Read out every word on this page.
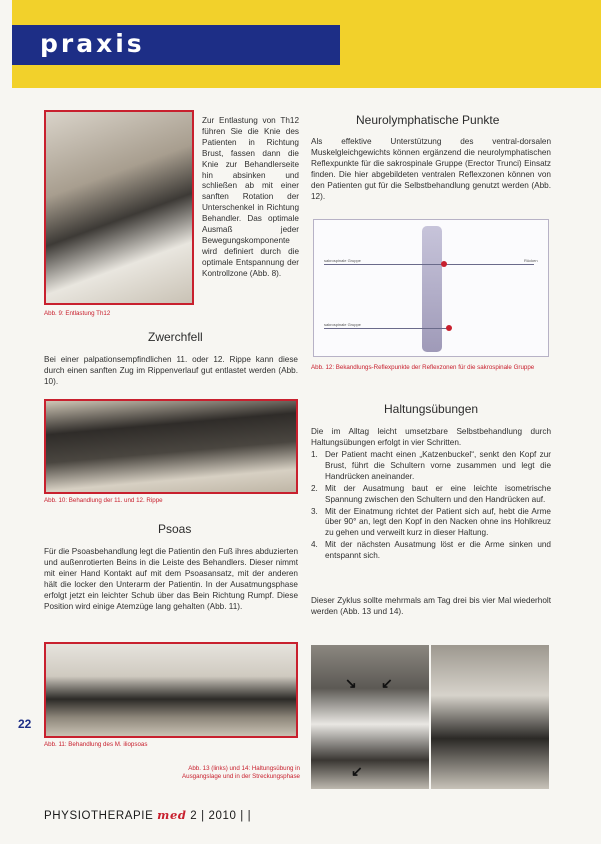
praxis
Zur Entlastung von Th12 führen Sie die Knie des Patienten in Richtung Brust, fassen dann die Knie zur Behandlerseite hin absinken und schließen ab mit einer sanften Rotation der Unterschenkel in Richtung Behandler. Das optimale Ausmaß jeder Bewegungskomponente wird definiert durch die optimale Entspannung der Kontrollzone (Abb. 8).
Abb. 9: Entlastung Th12
Zwerchfell
Bei einer palpationsempfindlichen 11. oder 12. Rippe kann diese durch einen sanften Zug im Rippenverlauf gut entlastet werden (Abb. 10).
Abb. 10: Behandlung der 11. und 12. Rippe
Psoas
Für die Psoasbehandlung legt die Patientin den Fuß ihres abduzierten und außenrotierten Beins in die Leiste des Behandlers. Dieser nimmt mit einer Hand Kontakt auf mit dem Psoasansatz, mit der anderen hält die locker den Unterarm der Patientin. In der Ausatmungsphase erfolgt jetzt ein leichter Schub über das Bein Richtung Rumpf. Diese Position wird einige Atemzüge lang gehalten (Abb. 11).
Abb. 11: Behandlung des M. iliopsoas
Abb. 13 (links) und 14: Haltungsübung in Ausgangslage und in der Streckungsphase
Neurolymphatische Punkte
Als effektive Unterstützung des ventral-dorsalen Muskelgleichgewichts können ergänzend die neurolymphatischen Reflexpunkte für die sakrospinale Gruppe (Erector Trunci) Einsatz finden. Die hier abgebildeten ventralen Reflexzonen können von den Patienten gut für die Selbstbehandlung genutzt werden (Abb. 12).
sakrospinale Gruppe	Rücken
sakrospinale Gruppe
Abb. 12: Bekandlungs-Reflexpunkte der Reflexzonen für die sakrospinale Gruppe
Haltungsübungen
Die im Alltag leicht umsetzbare Selbstbehandlung durch Haltungsübungen erfolgt in vier Schritten.
1. Der Patient macht einen „Katzenbuckel“, senkt den Kopf zur Brust, führt die Schultern vorne zusammen und legt die Handrücken aneinander.
2. Mit der Ausatmung baut er eine leichte isometrische Spannung zwischen den Schultern und den Handrücken auf.
3. Mit der Einatmung richtet der Patient sich auf, hebt die Arme über 90° an, legt den Kopf in den Nacken ohne ins Hohlkreuz zu gehen und verweilt kurz in dieser Haltung.
4. Mit der nächsten Ausatmung löst er die Arme sinken und entspannt sich.
Dieser Zyklus sollte mehrmals am Tag drei bis vier Mal wiederholt werden (Abb. 13 und 14).
↘ ↙
↙
22
PHYSIOTHERAPIE med 2 | 2010 | |
